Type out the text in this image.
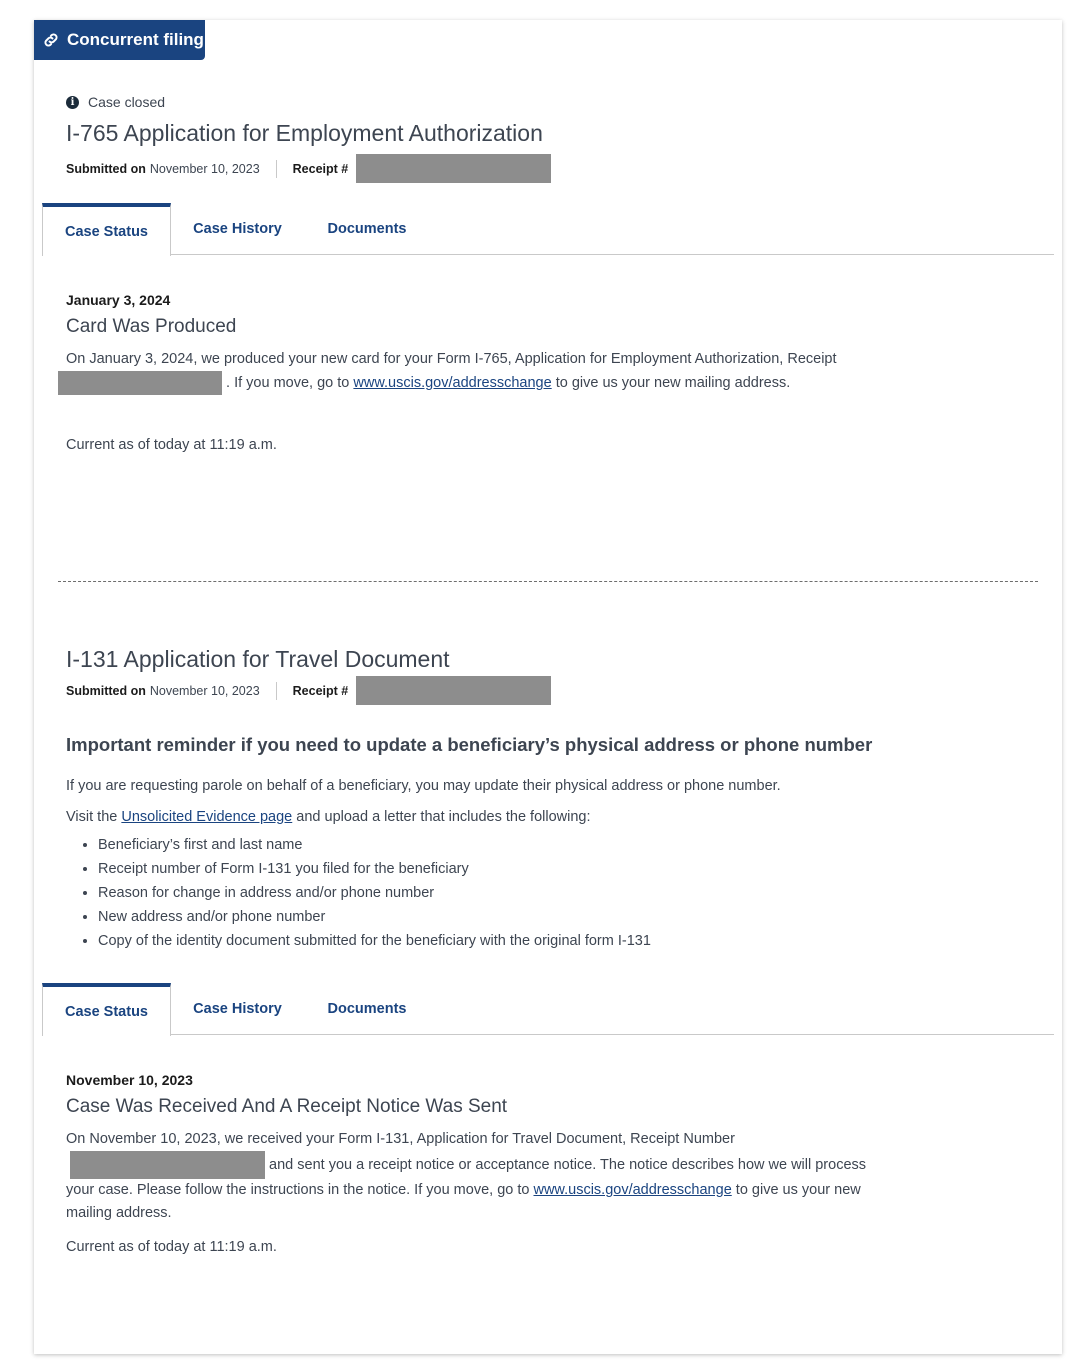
Concurrent filing
i Case closed
I-765 Application for Employment Authorization
Submitted on November 10, 2023	Receipt #
Case Status	Case History	Documents
January 3, 2024
Card Was Produced
On January 3, 2024, we produced your new card for your Form I-765, Application for Employment Authorization, Receipt
. If you move, go to www.uscis.gov/addresschange to give us your new mailing address.
Current as of today at 11:19 a.m.
I-131 Application for Travel Document
Submitted on November 10, 2023	Receipt #
Important reminder if you need to update a beneficiary’s physical address or phone number
If you are requesting parole on behalf of a beneficiary, you may update their physical address or phone number.
Visit the Unsolicited Evidence page and upload a letter that includes the following:
• Beneficiary’s first and last name
• Receipt number of Form I-131 you filed for the beneficiary
• Reason for change in address and/or phone number
• New address and/or phone number
• Copy of the identity document submitted for the beneficiary with the original form I-131
Case Status	Case History	Documents
November 10, 2023
Case Was Received And A Receipt Notice Was Sent
On November 10, 2023, we received your Form I-131, Application for Travel Document, Receipt Number  and sent you a receipt notice or acceptance notice. The notice describes how we will process your case. Please follow the instructions in the notice. If you move, go to www.uscis.gov/addresschange to give us your new mailing address.
Current as of today at 11:19 a.m.
